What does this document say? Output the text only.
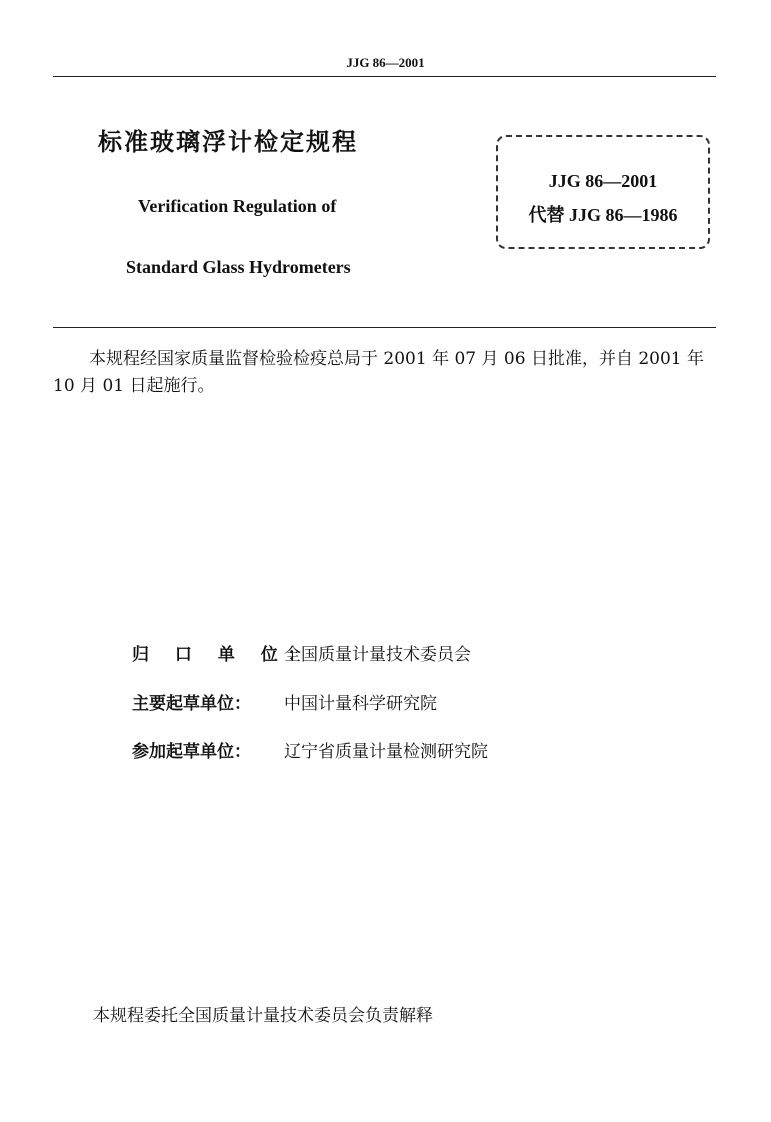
JJG 86—2001
标准玻璃浮计检定规程
Verification Regulation of
Standard Glass Hydrometers
JJG 86—2001
代替 JJG 86—1986
本规程经国家质量监督检验检疫总局于 2001 年 07 月 06 日批准，并自 2001 年 10 月 01 日起施行。
归 口 单 位：全国质量计量技术委员会
主要起草单位： 中国计量科学研究院
参加起草单位： 辽宁省质量计量检测研究院
本规程委托全国质量计量技术委员会负责解释
